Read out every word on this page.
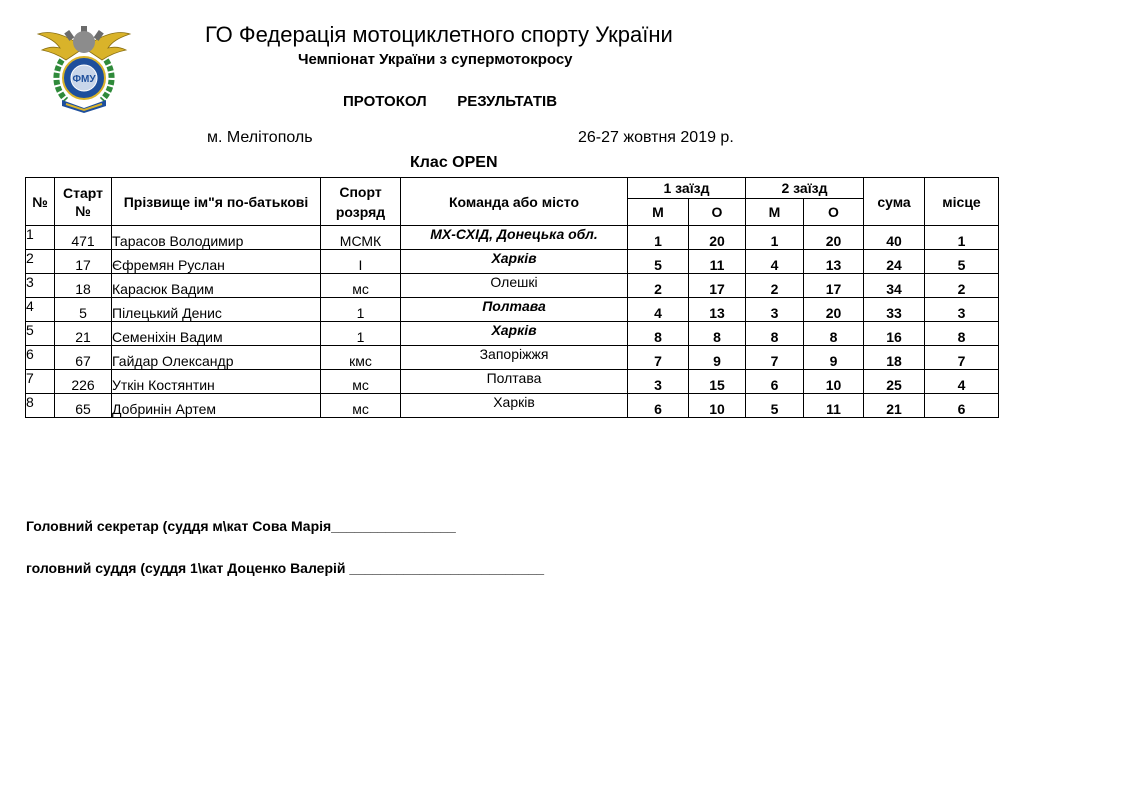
ФМУ
ГО Федерація мотоциклетного спорту України
Чемпіонат України з супермотокросу
ПРОТОКОЛ   РЕЗУЛЬТАТІВ
м. Мелітополь	26-27 жовтня 2019 р.
Клас OPEN
№	Старт №	Прізвище ім"я по-батькові	Спорт розряд	Команда або місто	1 заїзд		2 заїзд		сума	місце
					М	О	М	О		
1	471	Тарасов Володимир	МСМК	МХ-СХІД, Донецька обл.	1	20	1	20	40	1
2	17	Єфремян Руслан	І	Харків	5	11	4	13	24	5
3	18	Карасюк Вадим	мс	Олешкі	2	17	2	17	34	2
4	5	Пілецький Денис	1	Полтава	4	13	3	20	33	3
5	21	Семеніхін Вадим	1	Харків	8	8	8	8	16	8
6	67	Гайдар Олександр	кмс	Запоріжжя	7	9	7	9	18	7
7	226	Уткін Костянтин	мс	Полтава	3	15	6	10	25	4
8	65	Добринін Артем	мс	Харків	6	10	5	11	21	6
Головний секретар (суддя м\кат Сова Марія________________
головний суддя (суддя 1\кат Доценко Валерій _________________________
